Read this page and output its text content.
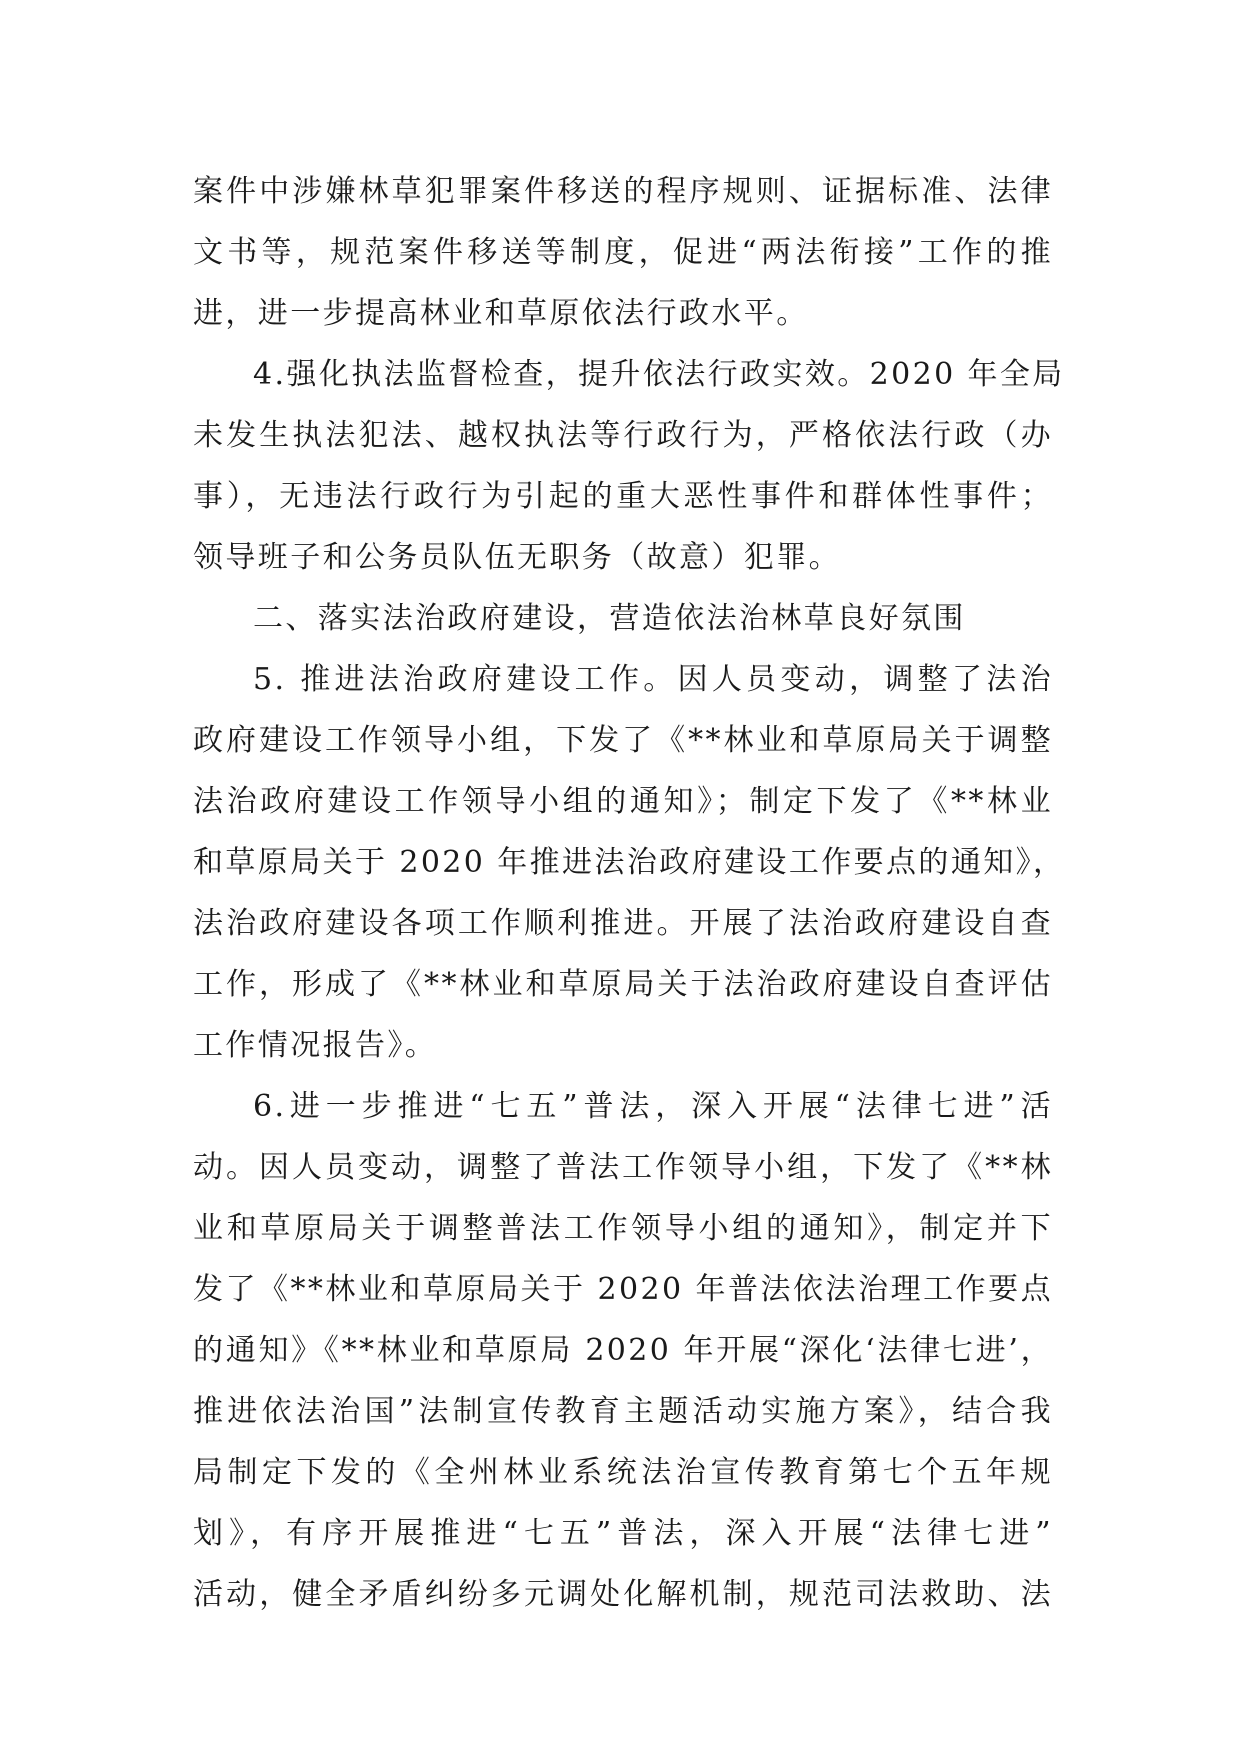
案件中涉嫌林草犯罪案件移送的程序规则、证据标准、法律
文书等，规范案件移送等制度，促进“两法衔接”工作的推
进，进一步提高林业和草原依法行政水平。
4.强化执法监督检查，提升依法行政实效。2020 年全局
未发生执法犯法、越权执法等行政行为，严格依法行政（办
事），无违法行政行为引起的重大恶性事件和群体性事件；
领导班子和公务员队伍无职务（故意）犯罪。
二、落实法治政府建设，营造依法治林草良好氛围
5. 推进法治政府建设工作。因人员变动，调整了法治
政府建设工作领导小组，下发了《**林业和草原局关于调整
法治政府建设工作领导小组的通知》；制定下发了《**林业
和草原局关于 2020 年推进法治政府建设工作要点的通知》，
法治政府建设各项工作顺利推进。开展了法治政府建设自查
工作，形成了《**林业和草原局关于法治政府建设自查评估
工作情况报告》。
6.进一步推进“七五”普法，深入开展“法律七进”活
动。因人员变动，调整了普法工作领导小组，下发了《**林
业和草原局关于调整普法工作领导小组的通知》，制定并下
发了《**林业和草原局关于 2020 年普法依法治理工作要点
的通知》《**林业和草原局 2020 年开展“深化‘法律七进’，
推进依法治国”法制宣传教育主题活动实施方案》，结合我
局制定下发的《全州林业系统法治宣传教育第七个五年规
划》，有序开展推进“七五”普法，深入开展“法律七进”
活动，健全矛盾纠纷多元调处化解机制，规范司法救助、法
